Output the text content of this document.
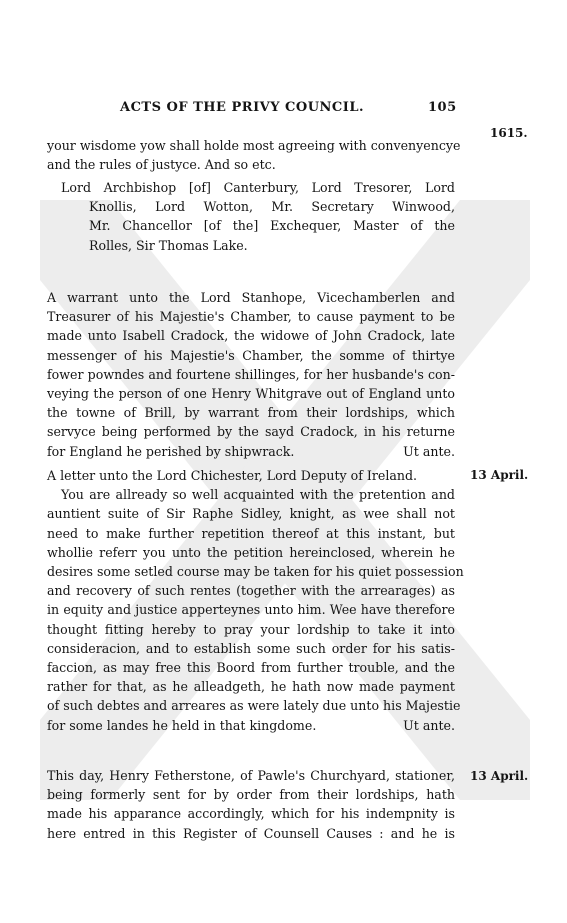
ACTS OF THE PRIVY COUNCIL.	105
1615.
your wisdome yow shall holde most agreeing with convenyencye
and the rules of justyce. And so etc.
Lord Archbishop [of] Canterbury, Lord Tresorer, Lord
Knollis, Lord Wotton, Mr. Secretary Winwood,
Mr. Chancellor [of the] Exchequer, Master of the
Rolles, Sir Thomas Lake.
A warrant unto the Lord Stanhope, Vicechamberlen and
Treasurer of his Majestie's Chamber, to cause payment to be
made unto Isabell Cradock, the widowe of John Cradock, late
messenger of his Majestie's Chamber, the somme of thirtye
fower powndes and fourtene shillinges, for her husbande's con-
veying the person of one Henry Whitgrave out of England unto
the towne of Brill, by warrant from their lordships, which
servyce being performed by the sayd Cradock, in his returne
for England he perished by shipwrack.	Ut ante.
13 April.
A letter unto the Lord Chichester, Lord Deputy of Ireland.
You are allready so well acquainted with the pretention and
auntient suite of Sir Raphe Sidley, knight, as wee shall not
need to make further repetition thereof at this instant, but
whollie referr you unto the petition hereinclosed, wherein he
desires some setled course may be taken for his quiet possession
and recovery of such rentes (together with the arrearages) as
in equity and justice apperteynes unto him. Wee have therefore
thought fitting hereby to pray your lordship to take it into
consideracion, and to establish some such order for his satis-
faccion, as may free this Boord from further trouble, and the
rather for that, as he alleadgeth, he hath now made payment
of such debtes and arreares as were lately due unto his Majestie
for some landes he held in that kingdome.	Ut ante.
13 April.
This day, Henry Fetherstone, of Pawle's Churchyard, stationer,
being formerly sent for by order from their lordships, hath
made his apparance accordingly, which for his indempnity is
here entred in this Register of Counsell Causes : and he is
